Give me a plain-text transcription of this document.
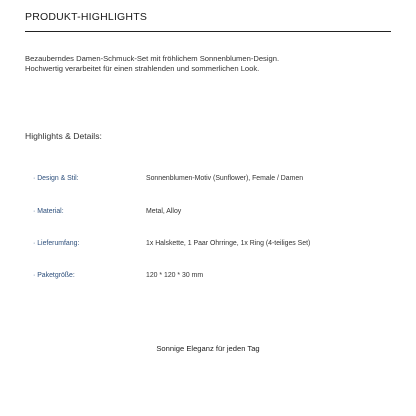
PRODUKT-HIGHLIGHTS

Bezauberndes Damen-Schmuck-Set mit fröhlichem Sonnenblumen-Design.
Hochwertig verarbeitet für einen strahlenden und sommerlichen Look.

Highlights & Details:
· Design & Stil:	Sonnenblumen-Motiv (Sunflower), Female / Damen
· Material:	Metal, Alloy
· Lieferumfang:	1x Halskette, 1 Paar Ohrringe, 1x Ring (4-teiliges Set)
· Paketgröße:	120 * 120 * 30 mm
Sonnige Eleganz für jeden Tag
